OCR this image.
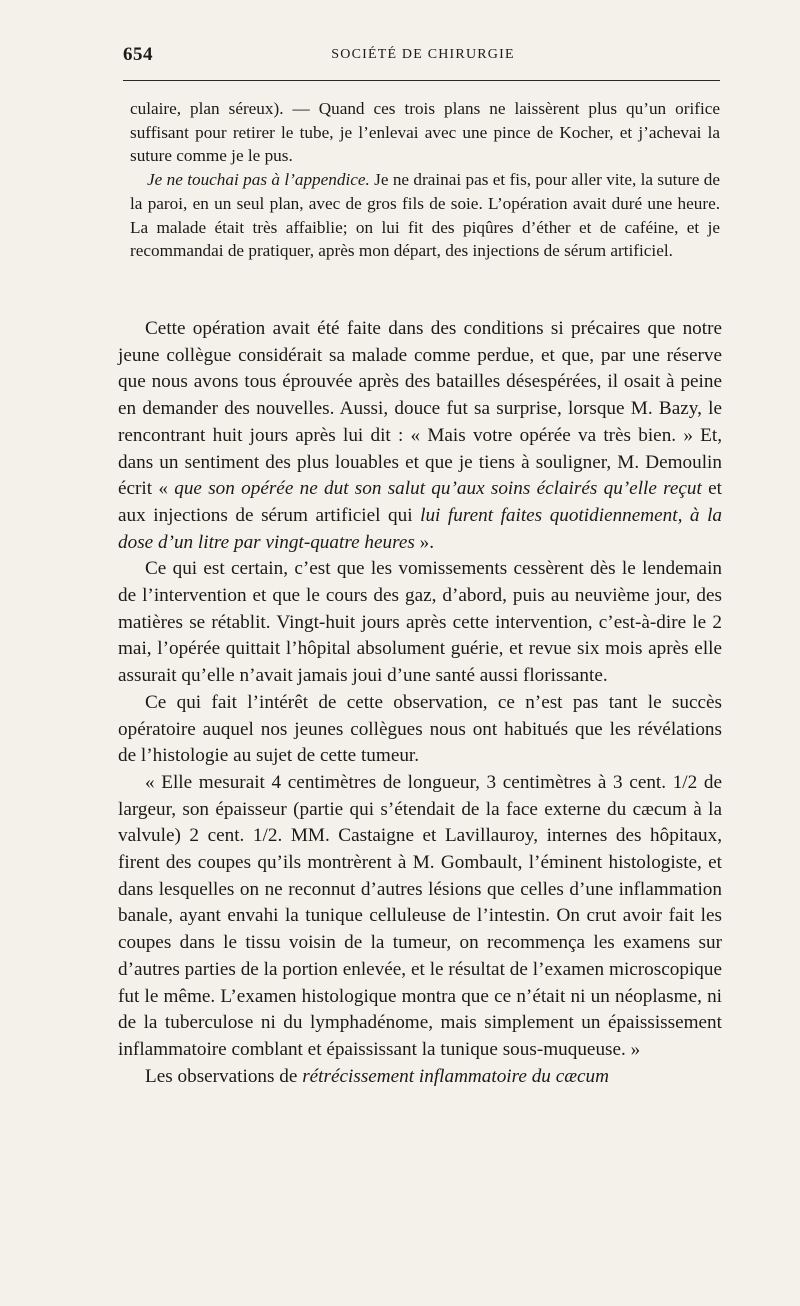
654	SOCIÉTÉ DE CHIRURGIE

culaire, plan séreux). — Quand ces trois plans ne laissèrent plus qu’un orifice suffisant pour retirer le tube, je l’enlevai avec une pince de Kocher, et j’achevai la suture comme je le pus.

Je ne touchai pas à l’appendice. Je ne drainai pas et fis, pour aller vite, la suture de la paroi, en un seul plan, avec de gros fils de soie. L’opération avait duré une heure. La malade était très affaiblie; on lui fit des piqûres d’éther et de caféine, et je recommandai de pratiquer, après mon départ, des injections de sérum artificiel.

Cette opération avait été faite dans des conditions si précaires que notre jeune collègue considérait sa malade comme perdue, et que, par une réserve que nous avons tous éprouvée après des batailles désespérées, il osait à peine en demander des nouvelles. Aussi, douce fut sa surprise, lorsque M. Bazy, le rencontrant huit jours après lui dit : « Mais votre opérée va très bien. » Et, dans un sentiment des plus louables et que je tiens à souligner, M. Demoulin écrit « que son opérée ne dut son salut qu’aux soins éclairés qu’elle reçut et aux injections de sérum artificiel qui lui furent faites quotidiennement, à la dose d’un litre par vingt-quatre heures ».

Ce qui est certain, c’est que les vomissements cessèrent dès le lendemain de l’intervention et que le cours des gaz, d’abord, puis au neuvième jour, des matières se rétablit. Vingt-huit jours après cette intervention, c’est-à-dire le 2 mai, l’opérée quittait l’hôpital absolument guérie, et revue six mois après elle assurait qu’elle n’avait jamais joui d’une santé aussi florissante.

Ce qui fait l’intérêt de cette observation, ce n’est pas tant le succès opératoire auquel nos jeunes collègues nous ont habitués que les révélations de l’histologie au sujet de cette tumeur.

« Elle mesurait 4 centimètres de longueur, 3 centimètres à 3 cent. 1/2 de largeur, son épaisseur (partie qui s’étendait de la face externe du cæcum à la valvule) 2 cent. 1/2. MM. Castaigne et Lavillauroy, internes des hôpitaux, firent des coupes qu’ils montrèrent à M. Gombault, l’éminent histologiste, et dans lesquelles on ne reconnut d’autres lésions que celles d’une inflammation banale, ayant envahi la tunique celluleuse de l’intestin. On crut avoir fait les coupes dans le tissu voisin de la tumeur, on recommença les examens sur d’autres parties de la portion enlevée, et le résultat de l’examen microscopique fut le même. L’examen histologique montra que ce n’était ni un néoplasme, ni de la tuberculose ni du lymphadénome, mais simplement un épaississement inflammatoire comblant et épaississant la tunique sous-muqueuse. »

Les observations de rétrécissement inflammatoire du cæcum
